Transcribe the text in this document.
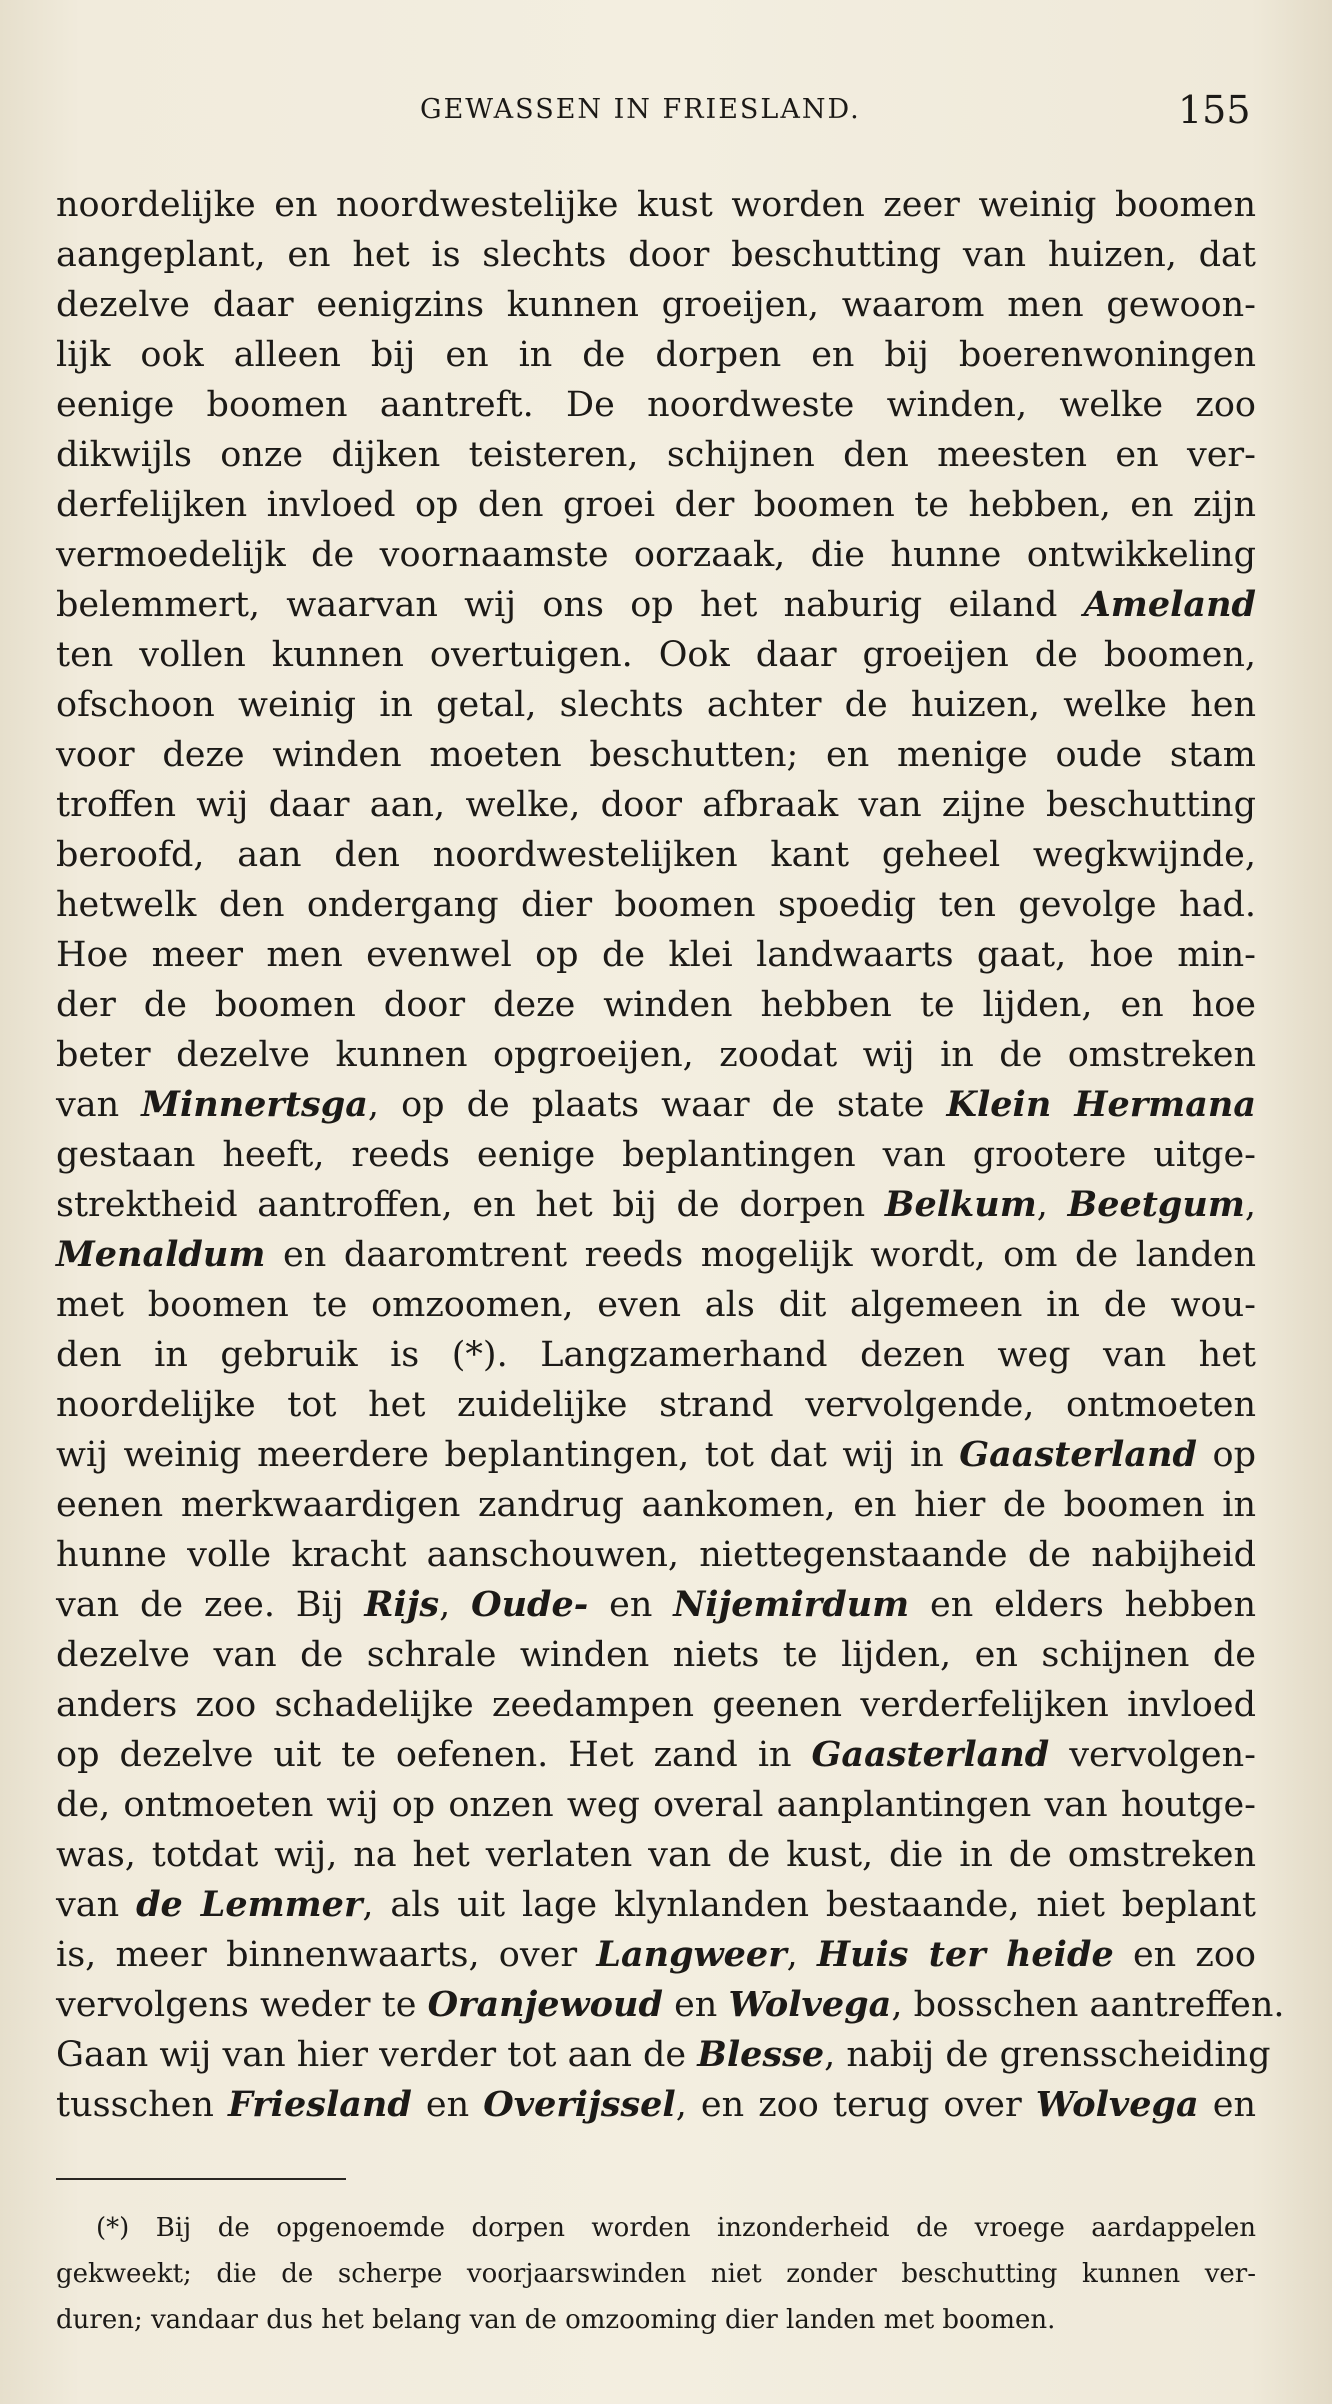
GEWASSEN IN FRIESLAND.	155
noordelijke en noordwestelijke kust worden zeer weinig boomen
aangeplant, en het is slechts door beschutting van huizen, dat
dezelve daar eenigzins kunnen groeijen, waarom men gewoon-
lijk ook alleen bij en in de dorpen en bij boerenwoningen
eenige boomen aantreft. De noordweste winden, welke zoo
dikwijls onze dijken teisteren, schijnen den meesten en ver-
derfelijken invloed op den groei der boomen te hebben, en zijn
vermoedelijk de voornaamste oorzaak, die hunne ontwikkeling
belemmert, waarvan wij ons op het naburig eiland Ameland
ten vollen kunnen overtuigen. Ook daar groeijen de boomen,
ofschoon weinig in getal, slechts achter de huizen, welke hen
voor deze winden moeten beschutten; en menige oude stam
troffen wij daar aan, welke, door afbraak van zijne beschutting
beroofd, aan den noordwestelijken kant geheel wegkwijnde,
hetwelk den ondergang dier boomen spoedig ten gevolge had.
Hoe meer men evenwel op de klei landwaarts gaat, hoe min-
der de boomen door deze winden hebben te lijden, en hoe
beter dezelve kunnen opgroeijen, zoodat wij in de omstreken
van Minnertsga, op de plaats waar de state Klein Hermana
gestaan heeft, reeds eenige beplantingen van grootere uitge-
strektheid aantroffen, en het bij de dorpen Belkum, Beetgum,
Menaldum en daaromtrent reeds mogelijk wordt, om de landen
met boomen te omzoomen, even als dit algemeen in de wou-
den in gebruik is (*). Langzamerhand dezen weg van het
noordelijke tot het zuidelijke strand vervolgende, ontmoeten
wij weinig meerdere beplantingen, tot dat wij in Gaasterland op
eenen merkwaardigen zandrug aankomen, en hier de boomen in
hunne volle kracht aanschouwen, niettegenstaande de nabijheid
van de zee. Bij Rijs, Oude- en Nijemirdum en elders hebben
dezelve van de schrale winden niets te lijden, en schijnen de
anders zoo schadelijke zeedampen geenen verderfelijken invloed
op dezelve uit te oefenen. Het zand in Gaasterland vervolgen-
de, ontmoeten wij op onzen weg overal aanplantingen van houtge-
was, totdat wij, na het verlaten van de kust, die in de omstreken
van de Lemmer, als uit lage klynlanden bestaande, niet beplant
is, meer binnenwaarts, over Langweer, Huis ter heide en zoo
vervolgens weder te Oranjewoud en Wolvega, bosschen aantreffen.
Gaan wij van hier verder tot aan de Blesse, nabij de grensscheiding
tusschen Friesland en Overijssel, en zoo terug over Wolvega en
(*) Bij de opgenoemde dorpen worden inzonderheid de vroege aardappelen
gekweekt; die de scherpe voorjaarswinden niet zonder beschutting kunnen ver-
duren; vandaar dus het belang van de omzooming dier landen met boomen.
